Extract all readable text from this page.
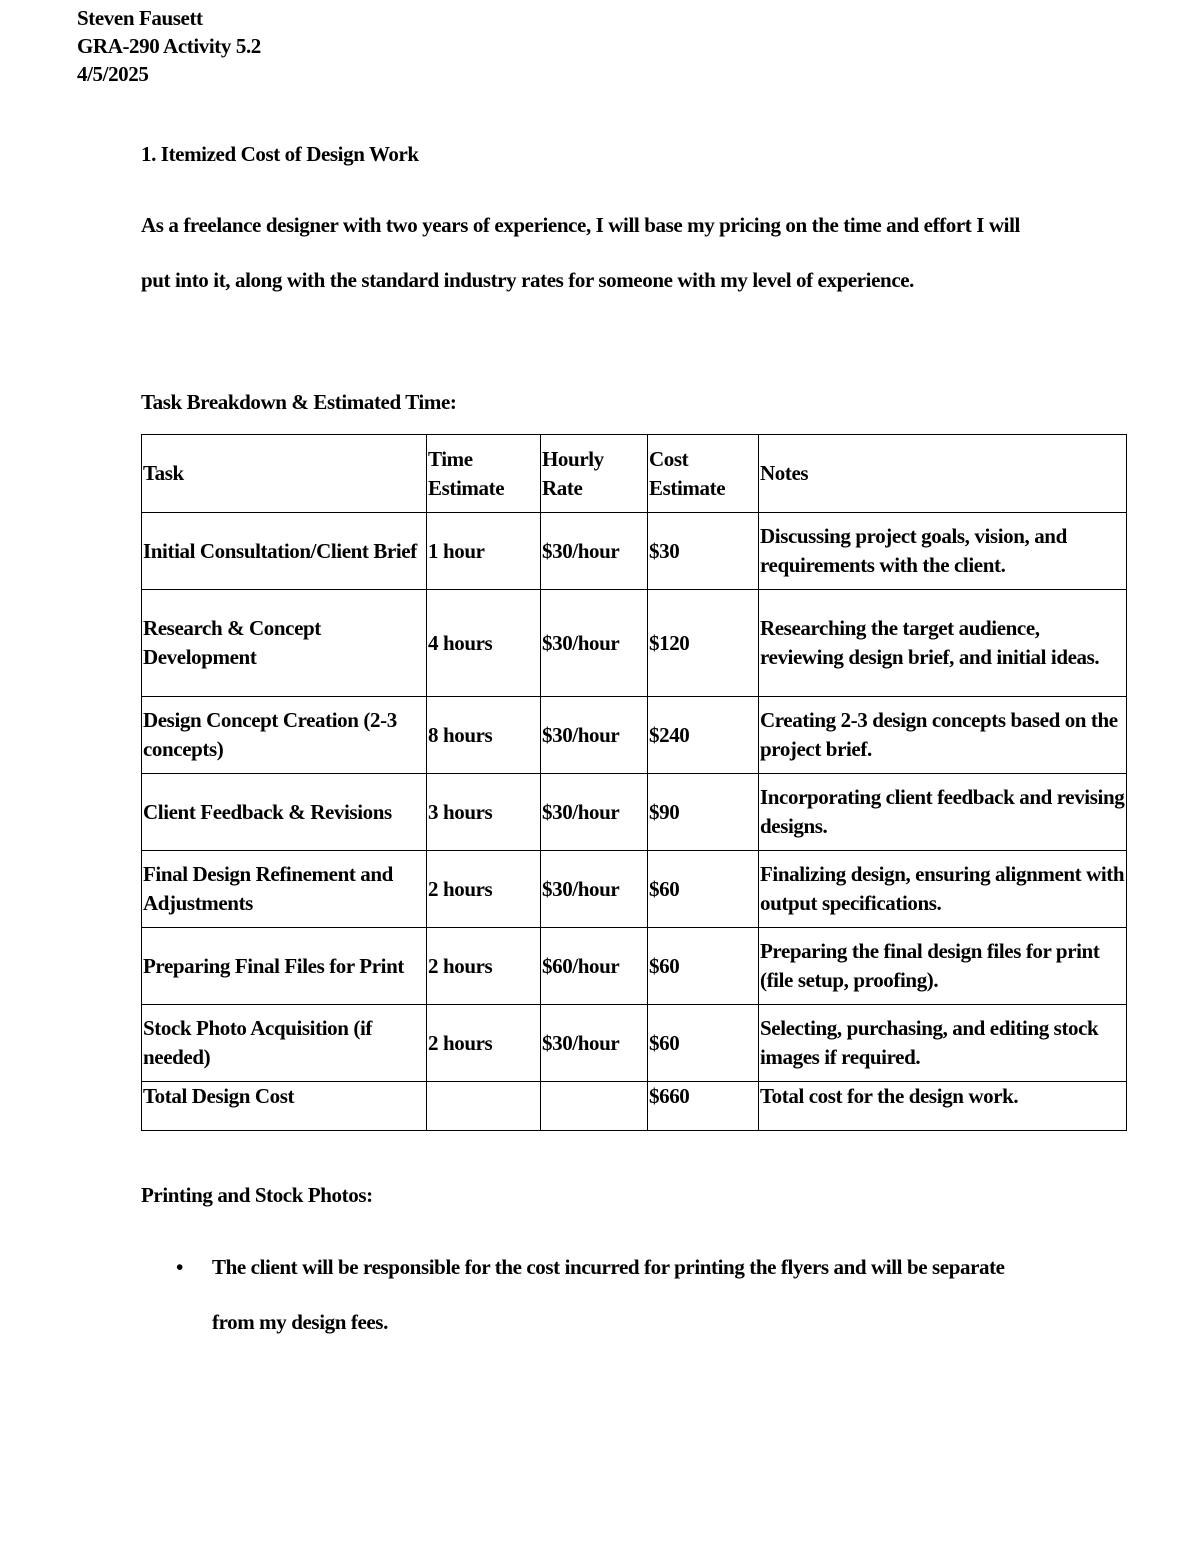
Steven Fausett
GRA-290 Activity 5.2
4/5/2025
1. Itemized Cost of Design Work

As a freelance designer with two years of experience, I will base my pricing on the time and effort I will put into it, along with the standard industry rates for someone with my level of experience.

Task Breakdown & Estimated Time:
Task	Time Estimate	Hourly Rate	Cost Estimate	Notes
Initial Consultation/Client Brief	1 hour	$30/hour	$30	Discussing project goals, vision, and requirements with the client.
Research & Concept Development	4 hours	$30/hour	$120	Researching the target audience, reviewing design brief, and initial ideas.
Design Concept Creation (2-3 concepts)	8 hours	$30/hour	$240	Creating 2-3 design concepts based on the project brief.
Client Feedback & Revisions	3 hours	$30/hour	$90	Incorporating client feedback and revising designs.
Final Design Refinement and Adjustments	2 hours	$30/hour	$60	Finalizing design, ensuring alignment with output specifications.
Preparing Final Files for Print	2 hours	$60/hour	$60	Preparing the final design files for print (file setup, proofing).
Stock Photo Acquisition (if needed)	2 hours	$30/hour	$60	Selecting, purchasing, and editing stock images if required.
Total Design Cost			$660	Total cost for the design work.
Printing and Stock Photos:
• The client will be responsible for the cost incurred for printing the flyers and will be separate from my design fees.
